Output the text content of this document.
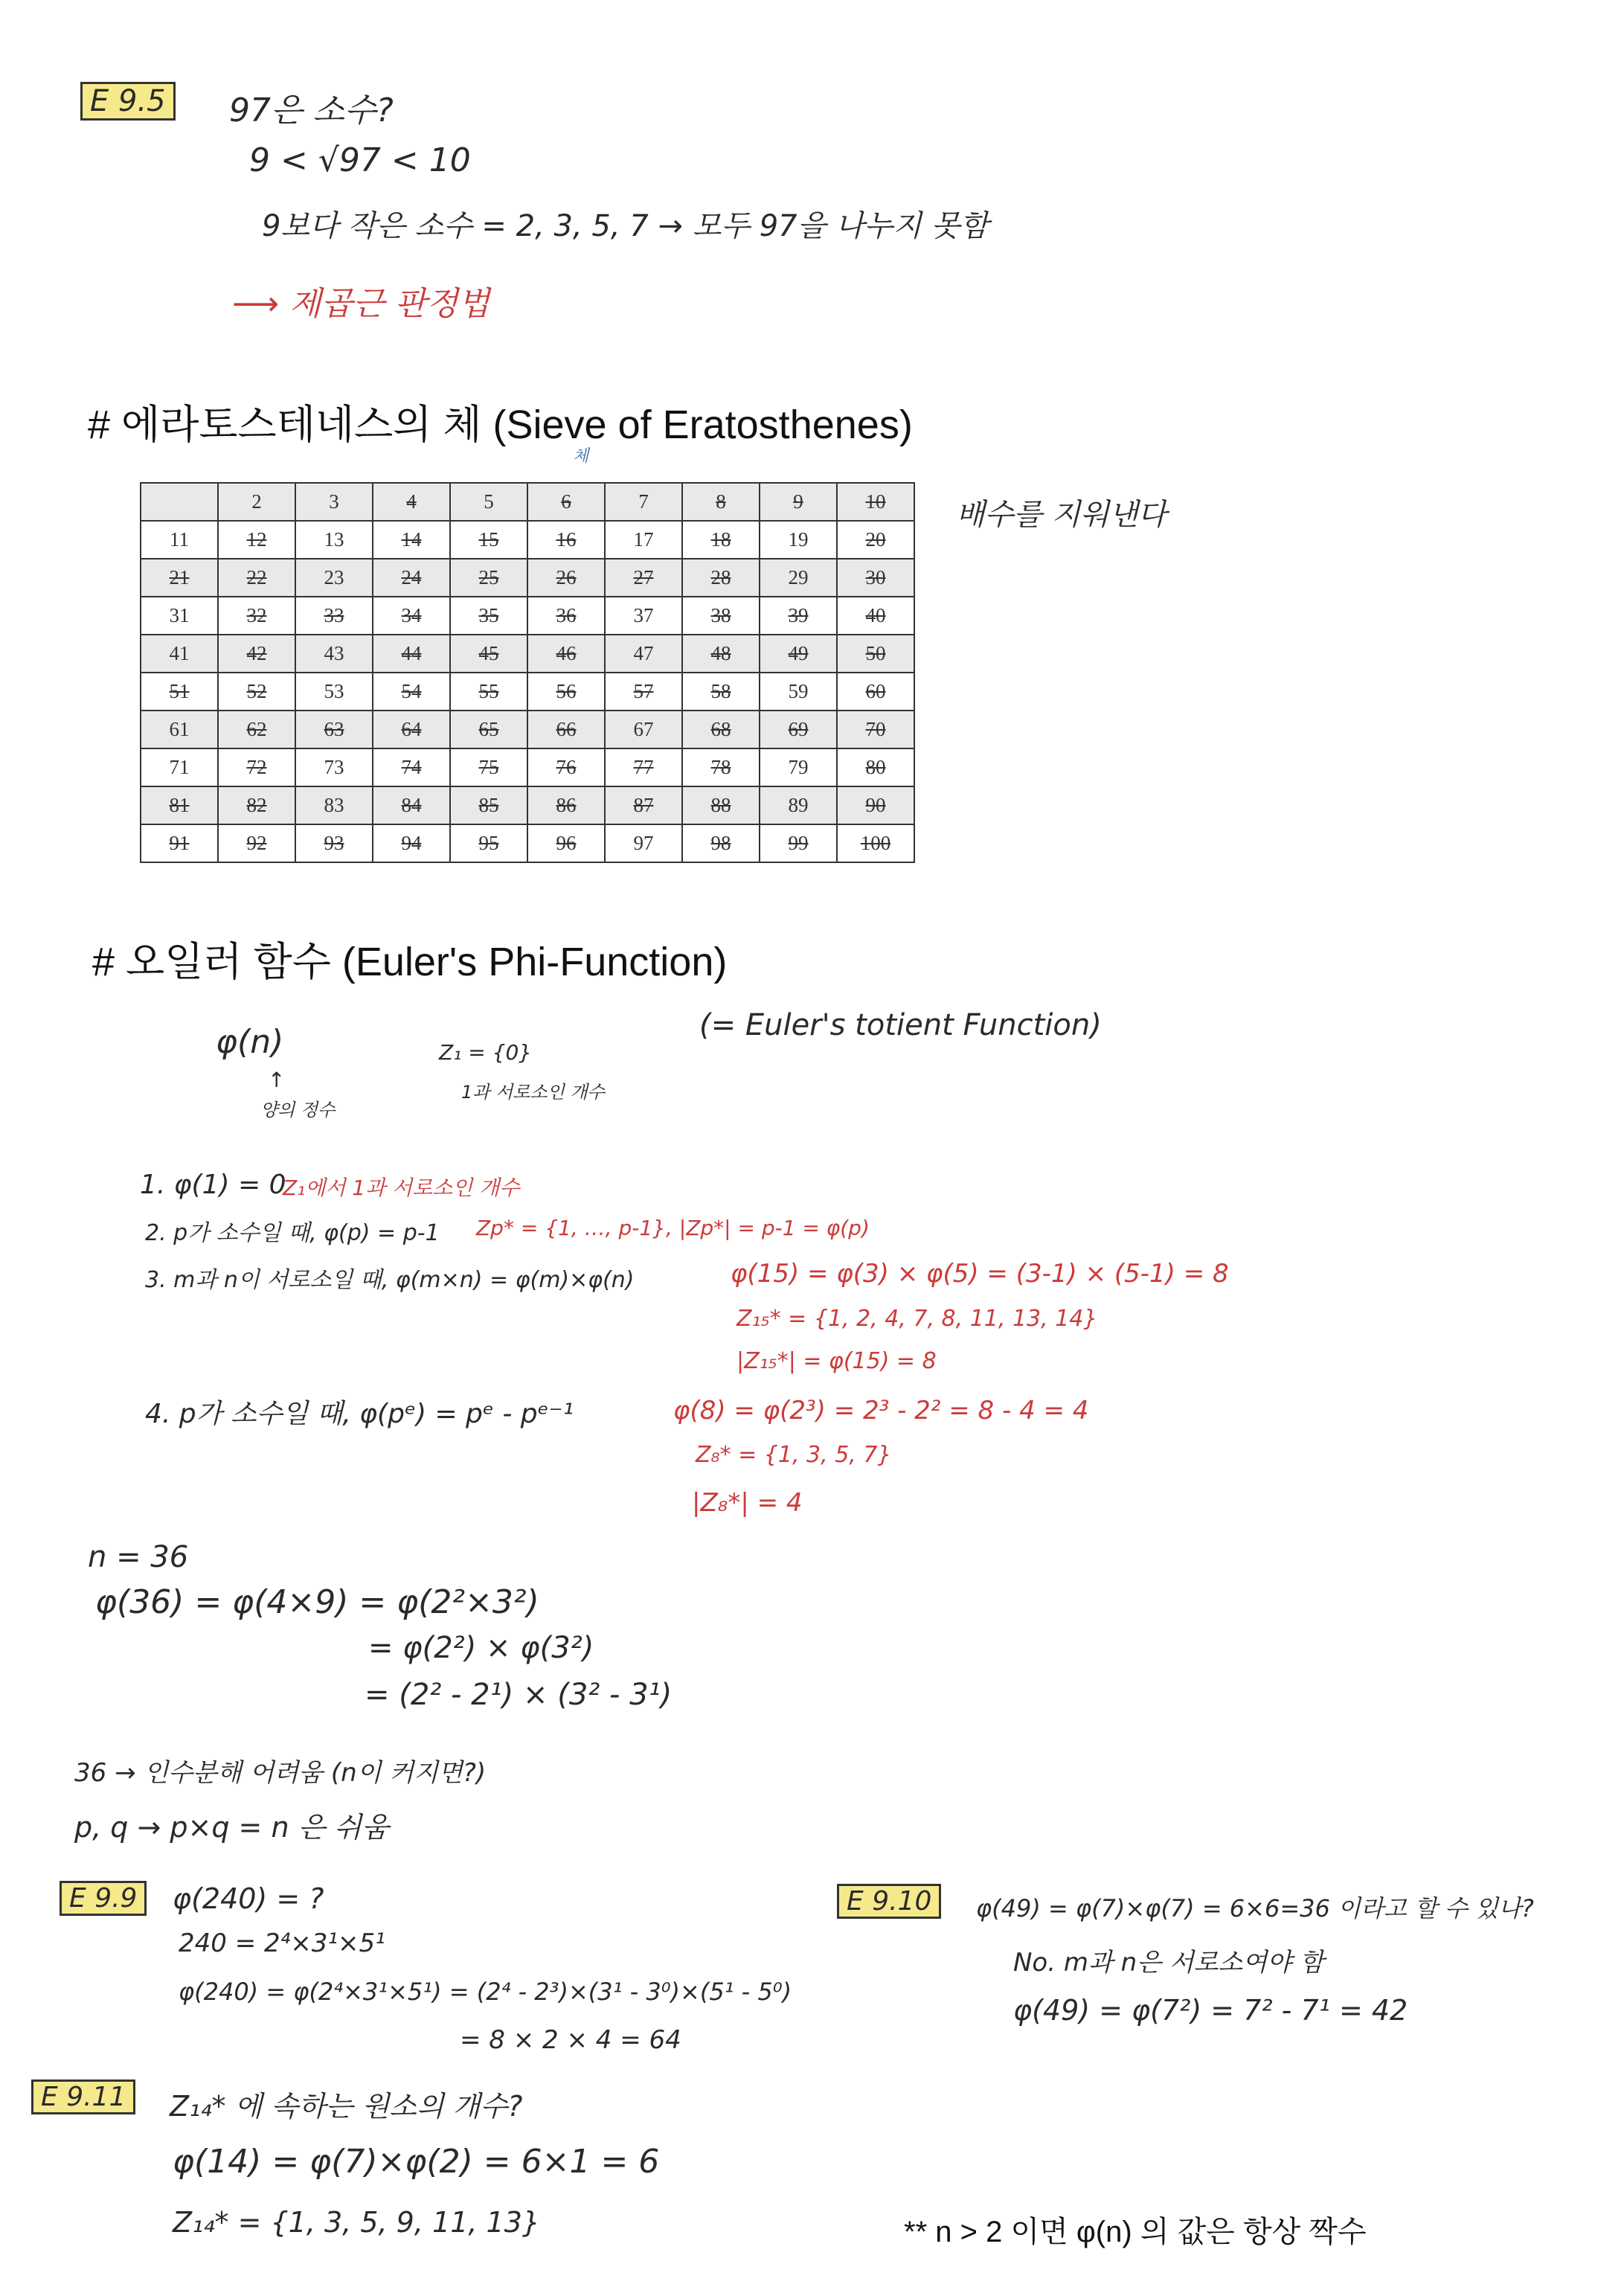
E 9.5 97은 소수?
9 < √97 < 10
9보다 작은 소수 = 2, 3, 5, 7 → 모두 97을 나누지 못함
⟶ 제곱근 판정법
# 에라토스테네스의 체 (Sieve of Eratosthenes)
체
배수를 지워낸다
	2	3	4	5	6	7	8	9	10
11	12	13	14	15	16	17	18	19	20
21	22	23	24	25	26	27	28	29	30
31	32	33	34	35	36	37	38	39	40
41	42	43	44	45	46	47	48	49	50
51	52	53	54	55	56	57	58	59	60
61	62	63	64	65	66	67	68	69	70
71	72	73	74	75	76	77	78	79	80
81	82	83	84	85	86	87	88	89	90
91	92	93	94	95	96	97	98	99	100
# 오일러 함수 (Euler's Phi-Function)
φ(n)
↑
양의 정수
Z₁ = {0}
1과 서로소인 개수
(= Euler's totient Function)
1. φ(1) = 0
Z₁에서 1과 서로소인 개수
2. p가 소수일 때, φ(p) = p-1 Zp* = {1, …, p-1}, |Zp*| = p-1 = φ(p)
3. m과 n이 서로소일 때, φ(m×n) = φ(m)×φ(n)	φ(15) = φ(3) × φ(5) = (3-1) × (5-1) = 8
Z₁₅* = {1, 2, 4, 7, 8, 11, 13, 14}
|Z₁₅*| = φ(15) = 8
4. p가 소수일 때, φ(pᵉ) = pᵉ - pᵉ⁻¹	φ(8) = φ(2³) = 2³ - 2² = 8 - 4 = 4
Z₈* = {1, 3, 5, 7}
|Z₈*| = 4
n = 36
φ(36) = φ(4×9) = φ(2²×3²)
= φ(2²) × φ(3²)
= (2² - 2¹) × (3² - 3¹)
36 → 인수분해 어려움 (n이 커지면?)
p, q → p×q = n 은 쉬움
E 9.9	φ(240) = ?
240 = 2⁴×3¹×5¹
φ(240) = φ(2⁴×3¹×5¹) = (2⁴ - 2³)×(3¹ - 3⁰)×(5¹ - 5⁰)
= 8 × 2 × 4 = 64
E 9.10	φ(49) = φ(7)×φ(7) = 6×6=36 이라고 할 수 있나?
No. m과 n은 서로소여야 함
φ(49) = φ(7²) = 7² - 7¹ = 42
E 9.11	Z₁₄* 에 속하는 원소의 개수?
φ(14) = φ(7)×φ(2) = 6×1 = 6
Z₁₄* = {1, 3, 5, 9, 11, 13}	** n > 2 이면 φ(n) 의 값은 항상 짝수
